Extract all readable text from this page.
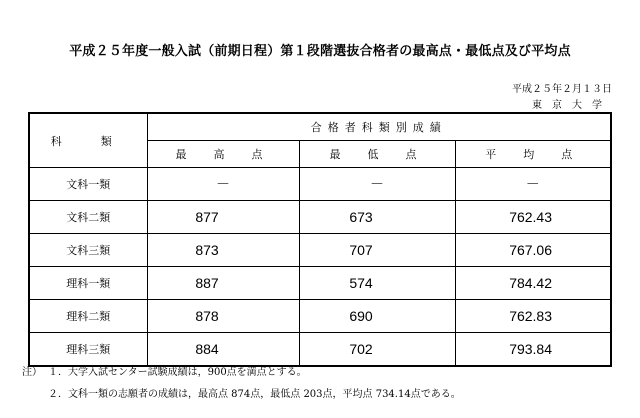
平成２５年度一般入試（前期日程）第１段階選抜合格者の最高点・最低点及び平均点
平成２５年２月１３日
東京大学
科　類	合格者科類別成績		
	最　高　点	最　低　点	平　均　点
文科一類	－	－	－
文科二類	877	673	762.43
文科三類	873	707	767.06
理科一類	887	574	784.42
理科二類	878	690	762.83
理科三類	884	702	793.84
注） １．大学入試センター試験成績は，900点を満点とする。
２．文科一類の志願者の成績は，最高点 874点，最低点 203点，平均点 734.14点である。
